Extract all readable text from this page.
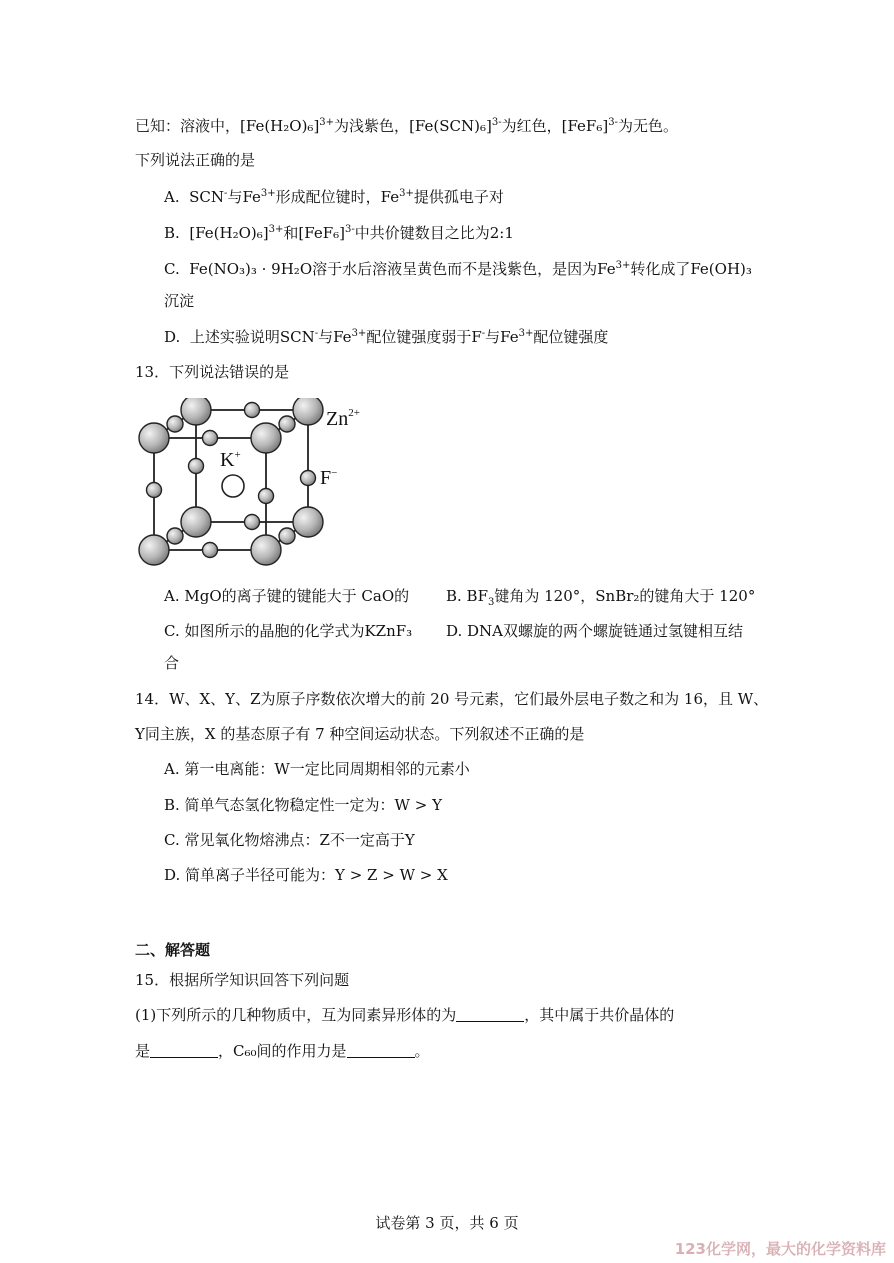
已知：溶液中，$[Fe(H_2O)_6]^{3+}$为浅紫色，$[Fe(SCN)_6]^{3-}$为红色，$[FeF_6]^{3-}$为无色。
下列说法正确的是
A. SCN-与$Fe^{3+}$形成配位键时，$Fe^{3+}$提供孤电子对
B. $[Fe(H_2O)_6]^{3+}$和$[FeF_6]^{3-}$中共价键数目之比为2:1
C. Fe(NO₃)₃ · 9H₂O溶于水后溶液呈黄色而不是浅紫色，是因为$Fe^{3+}$转化成了Fe(OH)₃
沉淀
D. 上述实验说明SCN-与$Fe^{3+}$配位键强度弱于F-与$Fe^{3+}$配位键强度
13．下列说法错误的是
K+
$Zn^{2+}$
F−
A. MgO的离子键的键能大于 CaO的 B. $BF_3$键角为 120°，SnBr₂的键角大于 120°
C. 如图所示的晶胞的化学式为KZnF₃ D. DNA双螺旋的两个螺旋链通过氢键相互结
合
14．W、X、Y、Z为原子序数依次增大的前 20 号元素，它们最外层电子数之和为 16，且 W、
Y同主族，X 的基态原子有 7 种空间运动状态。下列叙述不正确的是
A. 第一电离能：W一定比同周期相邻的元素小
B. 简单气态氢化物稳定性一定为：W > Y
C. 常见氧化物熔沸点：Z不一定高于Y
D. 简单离子半径可能为：Y > Z > W > X
二、解答题
15．根据所学知识回答下列问题
(1)下列所示的几种物质中，互为同素异形体的为	，其中属于共价晶体的
是	，C₆₀间的作用力是	。
试卷第 3 页，共 6 页
123化学网，最大的化学资料库
